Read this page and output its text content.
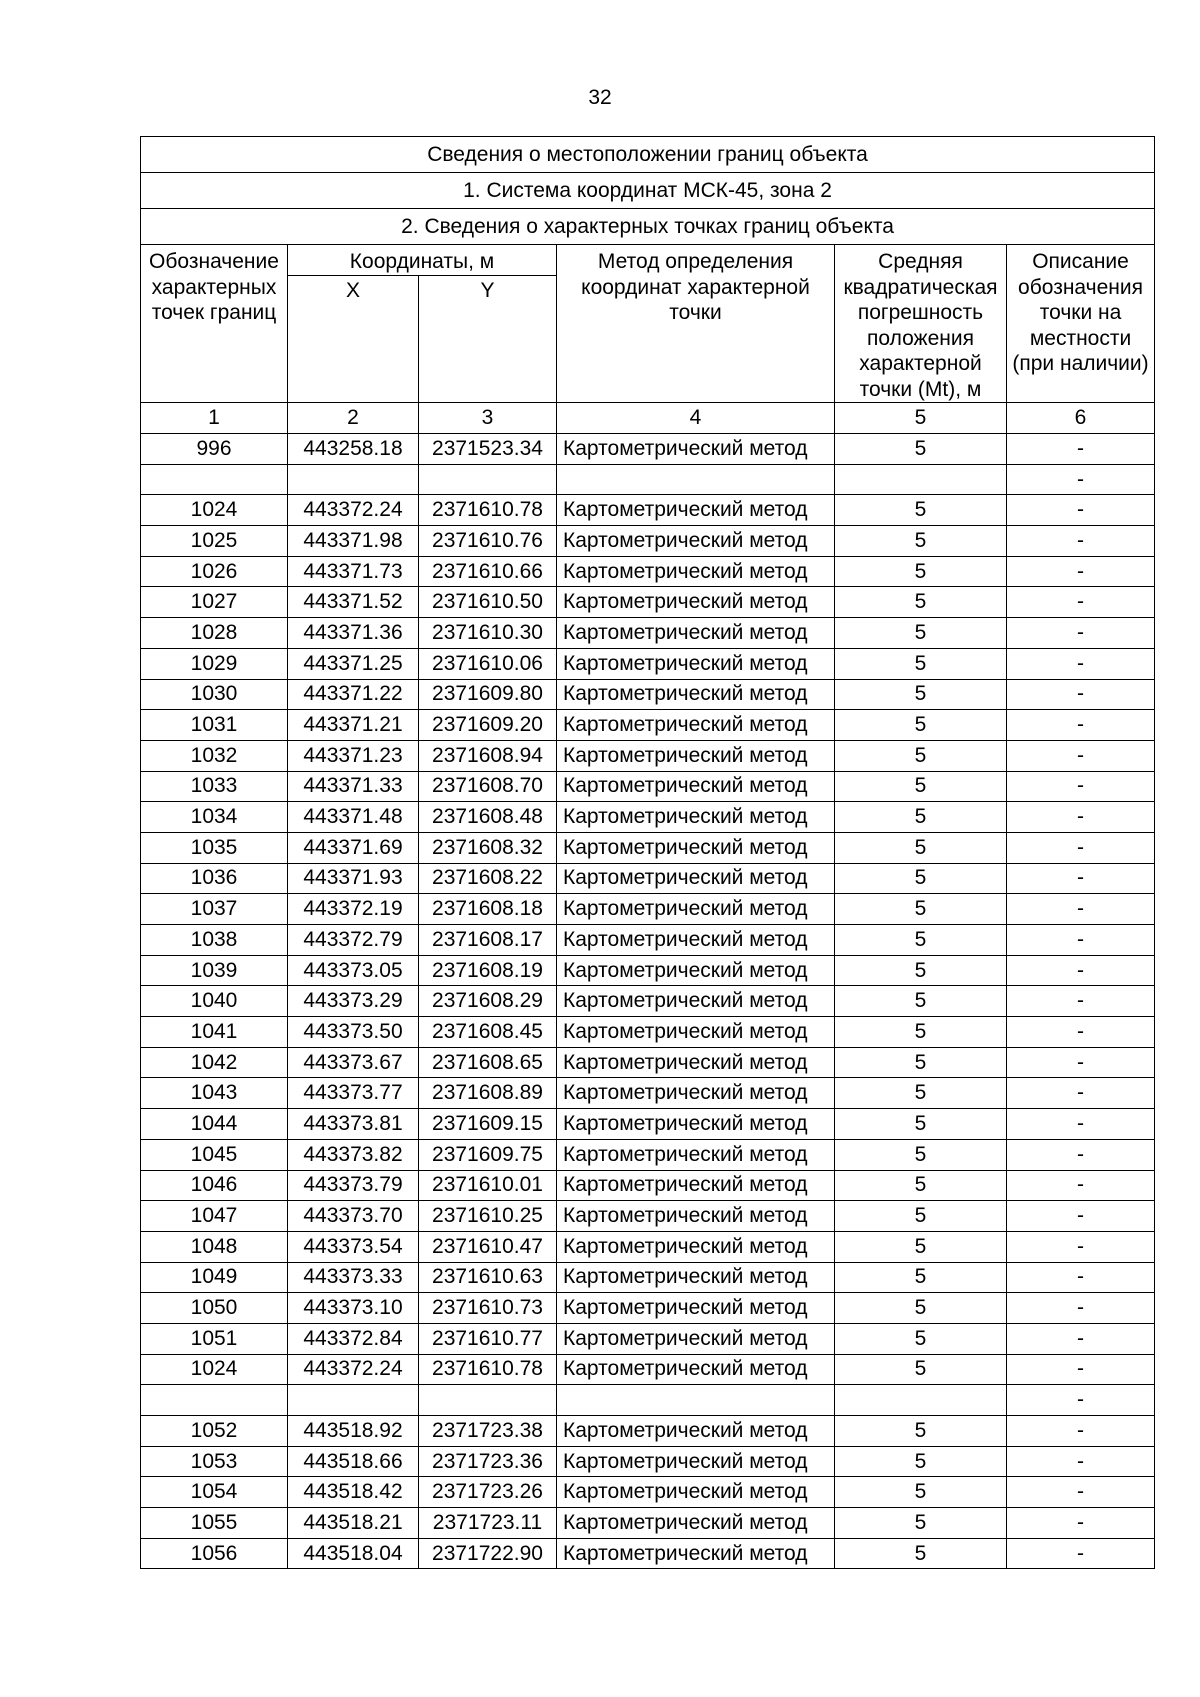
32
Сведения о местоположении границ объекта					
1. Система координат МСК-45, зона 2					
2. Сведения о характерных точках границ объекта					
Обозначение характерных точек границ	Координаты, м		Метод определения координат характерной точки	Средняя квадратическая погрешность положения характерной точки (Mt), м	Описание обозначения точки на местности (при наличии)
	X	Y			

1	2	3	4	5	6
996	443258.18	2371523.34	Картометрический метод	5	-
					-
1024	443372.24	2371610.78	Картометрический метод	5	-
1025	443371.98	2371610.76	Картометрический метод	5	-
1026	443371.73	2371610.66	Картометрический метод	5	-
1027	443371.52	2371610.50	Картометрический метод	5	-
1028	443371.36	2371610.30	Картометрический метод	5	-
1029	443371.25	2371610.06	Картометрический метод	5	-
1030	443371.22	2371609.80	Картометрический метод	5	-
1031	443371.21	2371609.20	Картометрический метод	5	-
1032	443371.23	2371608.94	Картометрический метод	5	-
1033	443371.33	2371608.70	Картометрический метод	5	-
1034	443371.48	2371608.48	Картометрический метод	5	-
1035	443371.69	2371608.32	Картометрический метод	5	-
1036	443371.93	2371608.22	Картометрический метод	5	-
1037	443372.19	2371608.18	Картометрический метод	5	-
1038	443372.79	2371608.17	Картометрический метод	5	-
1039	443373.05	2371608.19	Картометрический метод	5	-
1040	443373.29	2371608.29	Картометрический метод	5	-
1041	443373.50	2371608.45	Картометрический метод	5	-
1042	443373.67	2371608.65	Картометрический метод	5	-
1043	443373.77	2371608.89	Картометрический метод	5	-
1044	443373.81	2371609.15	Картометрический метод	5	-
1045	443373.82	2371609.75	Картометрический метод	5	-
1046	443373.79	2371610.01	Картометрический метод	5	-
1047	443373.70	2371610.25	Картометрический метод	5	-
1048	443373.54	2371610.47	Картометрический метод	5	-
1049	443373.33	2371610.63	Картометрический метод	5	-
1050	443373.10	2371610.73	Картометрический метод	5	-
1051	443372.84	2371610.77	Картометрический метод	5	-
1024	443372.24	2371610.78	Картометрический метод	5	-
					-
1052	443518.92	2371723.38	Картометрический метод	5	-
1053	443518.66	2371723.36	Картометрический метод	5	-
1054	443518.42	2371723.26	Картометрический метод	5	-
1055	443518.21	2371723.11	Картометрический метод	5	-
1056	443518.04	2371722.90	Картометрический метод	5	-
